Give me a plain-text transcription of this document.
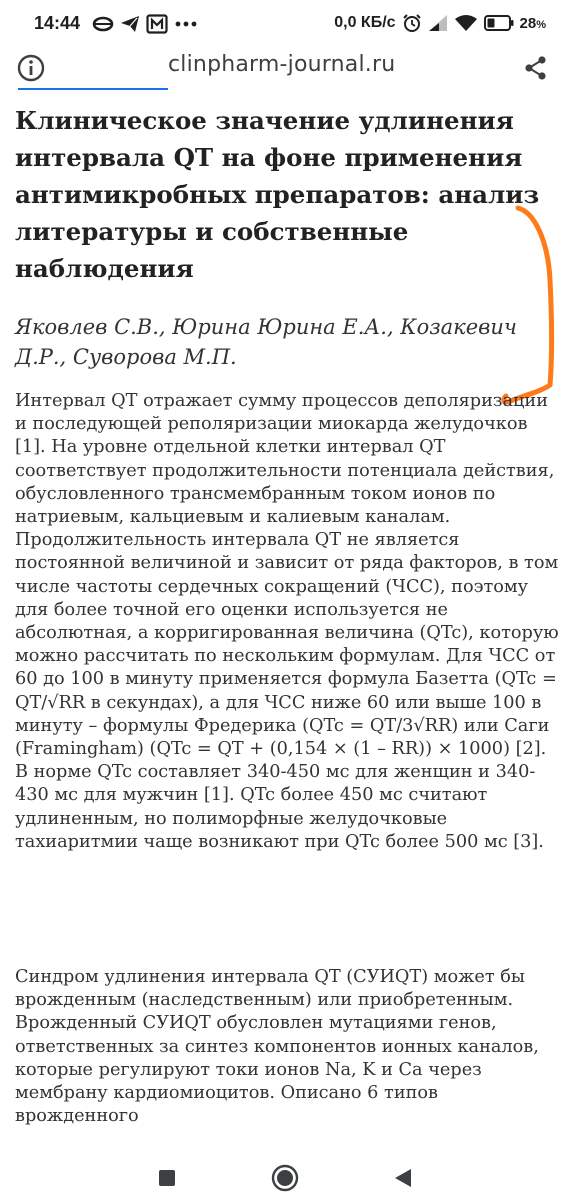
14:44	0,0 КБ/с	28%
clinpharm-journal.ru
Клиническое значение удлинения интервала QT на фоне применения антимикробных препаратов: анализ литературы и собственные наблюдения

Яковлев С.В., Юрина Юрина Е.А., Козакевич Д.Р., Суворова М.П.

Интервал QT отражает сумму процессов деполяризации и последующей реполяризации миокарда желудочков [1]. На уровне отдельной клетки интервал QT соответствует продолжительности потенциала действия, обусловленного трансмембранным током ионов по натриевым, кальциевым и калиевым каналам. Продолжительность интервала QT не является постоянной величиной и зависит от ряда факторов, в том числе частоты сердечных сокращений (ЧСС), поэтому для более точной его оценки используется не абсолютная, а корригированная величина (QTc), которую можно рассчитать по нескольким формулам. Для ЧСС от 60 до 100 в минуту применяется формула Базетта (QTc = QT/√RR в секундах), а для ЧСС ниже 60 или выше 100 в минуту – формулы Фредерика (QTc = QT/3√RR) или Саги (Framingham) (QTc = QT + (0,154 × (1 – RR)) × 1000) [2]. В норме QTc составляет 340-450 мс для женщин и 340-430 мс для мужчин [1]. QTc более 450 мс считают удлиненным, но полиморфные желудочковые тахиаритмии чаще возникают при QTc более 500 мс [3].

Синдром удлинения интервала QT (СУИQT) может бы врожденным (наследственным) или приобретенным. Врожденный СУИQT обусловлен мутациями генов, ответственных за синтез компонентов ионных каналов, которые регулируют токи ионов Na, K и Ca через мембрану кардиомиоцитов. Описано 6 типов врожденного
